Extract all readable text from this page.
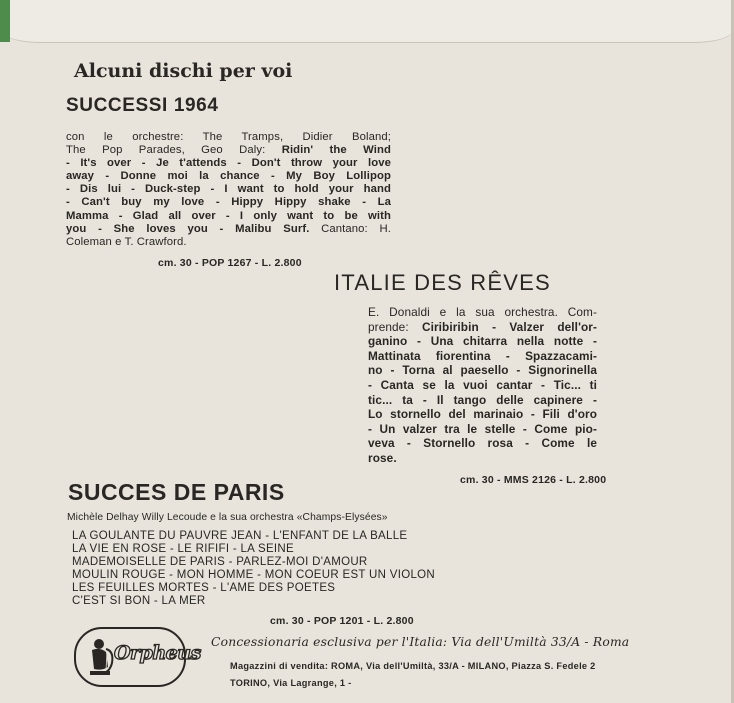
Alcuni dischi per voi
SUCCESSI 1964
con le orchestre: The Tramps, Didier Boland;
The Pop Parades, Geo Daly: Ridin' the Wind
- It's over - Je t'attends - Don't throw your love
away - Donne moi la chance - My Boy Lollipop
- Dis lui - Duck-step - I want to hold your hand
- Can't buy my love - Hippy Hippy shake - La
Mamma - Glad all over - I only want to be with
you - She loves you - Malibu Surf. Cantano: H.
Coleman e T. Crawford.
cm. 30 - POP 1267 - L. 2.800
ITALIE DES RÊVES
E. Donaldi e la sua orchestra. Com-
prende: Ciribiribin - Valzer dell'or-
ganino - Una chitarra nella notte -
Mattinata fiorentina - Spazzacami-
no - Torna al paesello - Signorinella
- Canta se la vuoi cantar - Tic... ti
tic... ta - Il tango delle capinere -
Lo stornello del marinaio - Fili d'oro
- Un valzer tra le stelle - Come pio-
veva - Stornello rosa - Come le
rose.
cm. 30 - MMS 2126 - L. 2.800
SUCCES DE PARIS
Michèle Delhay Willy Lecoude e la sua orchestra «Champs-Elysées»
LA GOULANTE DU PAUVRE JEAN - L'ENFANT DE LA BALLE
LA VIE EN ROSE - LE RIFIFI - LA SEINE
MADEMOISELLE DE PARIS - PARLEZ-MOI D'AMOUR
MOULIN ROUGE - MON HOMME - MON COEUR EST UN VIOLON
LES FEUILLES MORTES - L'AME DES POETES
C'EST SI BON - LA MER
cm. 30 - POP 1201 - L. 2.800
Orpheus Concessionaria esclusiva per l'Italia: Via dell'Umiltà 33/A - Roma
Magazzini di vendita: ROMA, Via dell'Umiltà, 33/A - MILANO, Piazza S. Fedele 2
TORINO, Via Lagrange, 1 -
